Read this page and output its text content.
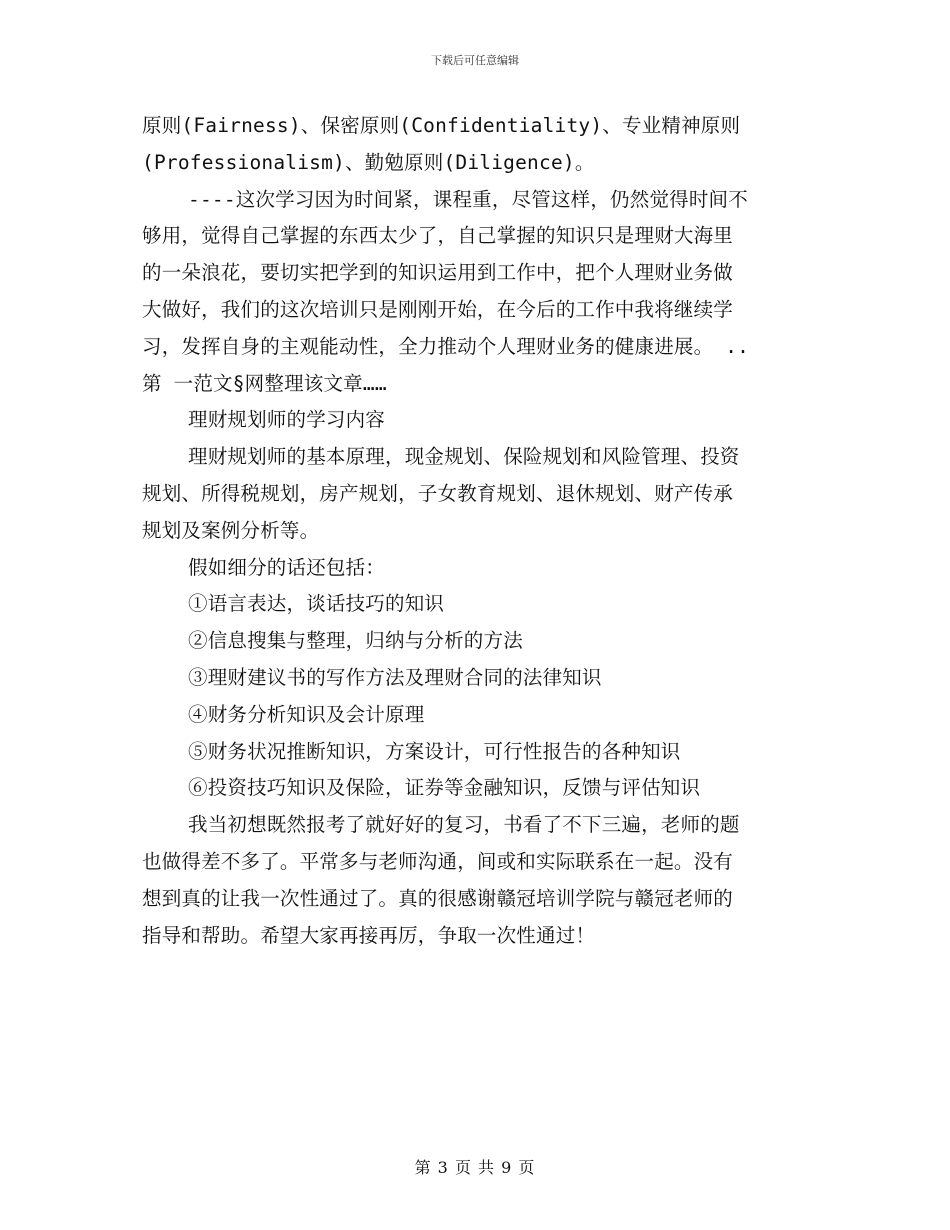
下载后可任意编辑

原则(Fairness)、保密原则(Confidentiality)、专业精神原则

(Professionalism)、勤勉原则(Diligence)。

----这次学习因为时间紧，课程重，尽管这样，仍然觉得时间不

够用，觉得自己掌握的东西太少了，自己掌握的知识只是理财大海里

的一朵浪花，要切实把学到的知识运用到工作中，把个人理财业务做

大做好，我们的这次培训只是刚刚开始，在今后的工作中我将继续学

习，发挥自身的主观能动性，全力推动个人理财业务的健康进展。 ..

第 一范文§网整理该文章……

理财规划师的学习内容

理财规划师的基本原理，现金规划、保险规划和风险管理、投资

规划、所得税规划，房产规划，子女教育规划、退休规划、财产传承

规划及案例分析等。

假如细分的话还包括：

①语言表达，谈话技巧的知识

②信息搜集与整理，归纳与分析的方法

③理财建议书的写作方法及理财合同的法律知识

④财务分析知识及会计原理

⑤财务状况推断知识，方案设计，可行性报告的各种知识

⑥投资技巧知识及保险，证券等金融知识，反馈与评估知识

我当初想既然报考了就好好的复习，书看了不下三遍，老师的题

也做得差不多了。平常多与老师沟通，间或和实际联系在一起。没有

想到真的让我一次性通过了。真的很感谢赣冠培训学院与赣冠老师的

指导和帮助。希望大家再接再厉，争取一次性通过！

第 3 页 共 9 页
